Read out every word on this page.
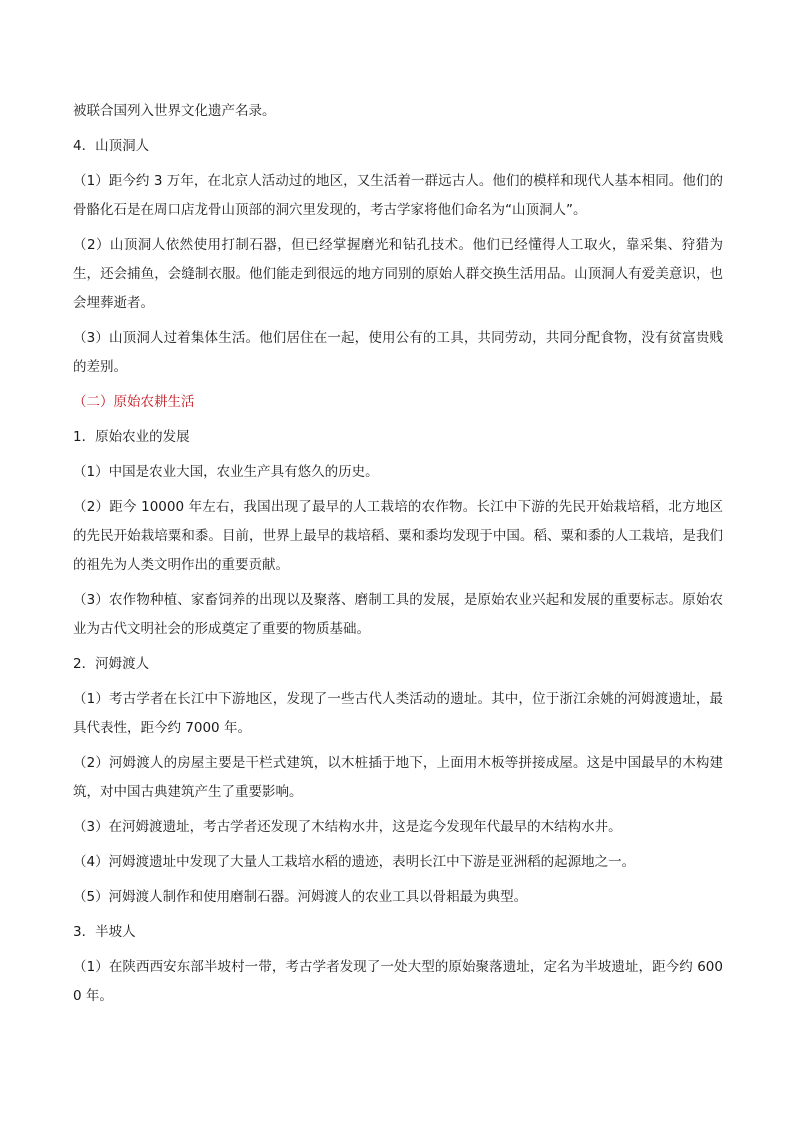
被联合国列入世界文化遗产名录。

4．山顶洞人

（1）距今约 3 万年，在北京人活动过的地区，又生活着一群远古人。他们的模样和现代人基本相同。他们的骨骼化石是在周口店龙骨山顶部的洞穴里发现的，考古学家将他们命名为“山顶洞人”。

（2）山顶洞人依然使用打制石器，但已经掌握磨光和钻孔技术。他们已经懂得人工取火，靠采集、狩猎为生，还会捕鱼，会缝制衣服。他们能走到很远的地方同别的原始人群交换生活用品。山顶洞人有爱美意识，也会埋葬逝者。

（3）山顶洞人过着集体生活。他们居住在一起，使用公有的工具，共同劳动，共同分配食物，没有贫富贵贱的差别。

（二）原始农耕生活

1．原始农业的发展

（1）中国是农业大国，农业生产具有悠久的历史。

（2）距今 10000 年左右，我国出现了最早的人工栽培的农作物。长江中下游的先民开始栽培稻，北方地区的先民开始栽培粟和黍。目前，世界上最早的栽培稻、粟和黍均发现于中国。稻、粟和黍的人工栽培，是我们的祖先为人类文明作出的重要贡献。

（3）农作物种植、家畜饲养的出现以及聚落、磨制工具的发展，是原始农业兴起和发展的重要标志。原始农业为古代文明社会的形成奠定了重要的物质基础。

2．河姆渡人

（1）考古学者在长江中下游地区，发现了一些古代人类活动的遗址。其中，位于浙江余姚的河姆渡遗址，最具代表性，距今约 7000 年。

（2）河姆渡人的房屋主要是干栏式建筑，以木桩插于地下，上面用木板等拼接成屋。这是中国最早的木构建筑，对中国古典建筑产生了重要影响。

（3）在河姆渡遗址，考古学者还发现了木结构水井，这是迄今发现年代最早的木结构水井。

（4）河姆渡遗址中发现了大量人工栽培水稻的遗迹，表明长江中下游是亚洲稻的起源地之一。

（5）河姆渡人制作和使用磨制石器。河姆渡人的农业工具以骨耜最为典型。

3．半坡人

（1）在陕西西安东部半坡村一带，考古学者发现了一处大型的原始聚落遗址，定名为半坡遗址，距今约 6000 年。
